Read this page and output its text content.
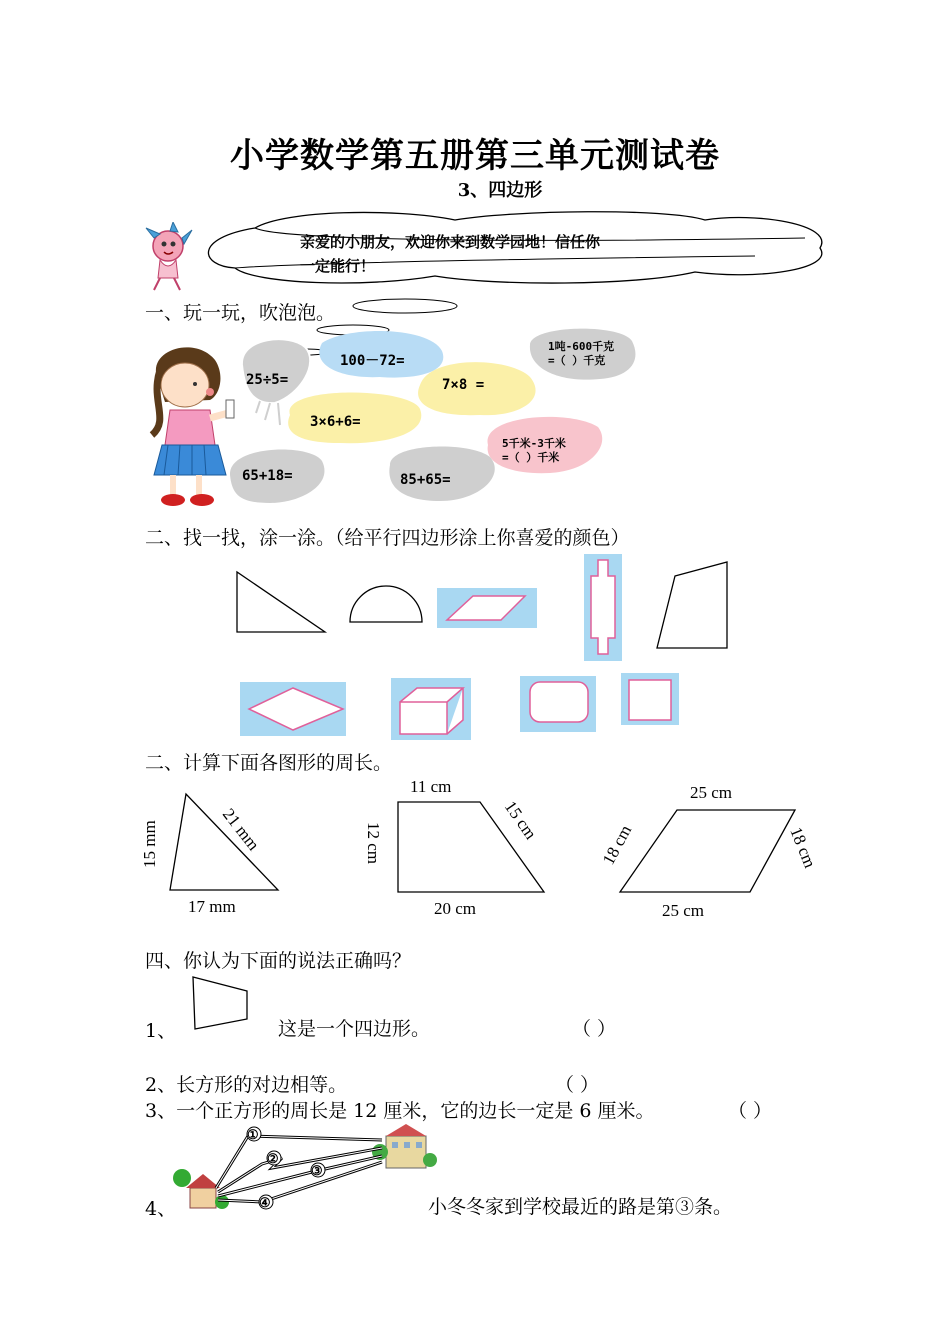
小学数学第五册第三单元测试卷
3、四边形
亲爱的小朋友，欢迎你来到数学园地！信任你
一定能行！
一、玩一玩，吹泡泡。
25÷5=
100－72=
7×8 =
1吨-600千克
=（ ）千克
3×6+6=
5千米-3千米
=（ ）千米
65+18=	85+65=
二、找一找，涂一涂。（给平行四边形涂上你喜爱的颜色）
二、计算下面各图形的周长。
15 mm	21 mm
17 mm
11 cm
12 cm
15 cm
20 cm
25 cm
18 cm	18 cm
25 cm
四、你认为下面的说法正确吗？
1、	这是一个四边形。	（ ）
2、长方形的对边相等。	（ ）
3、一个正方形的周长是 12 厘米，它的边长一定是 6 厘米。	（ ）
①
②
③
④
4、	小冬冬家到学校最近的路是第③条。
